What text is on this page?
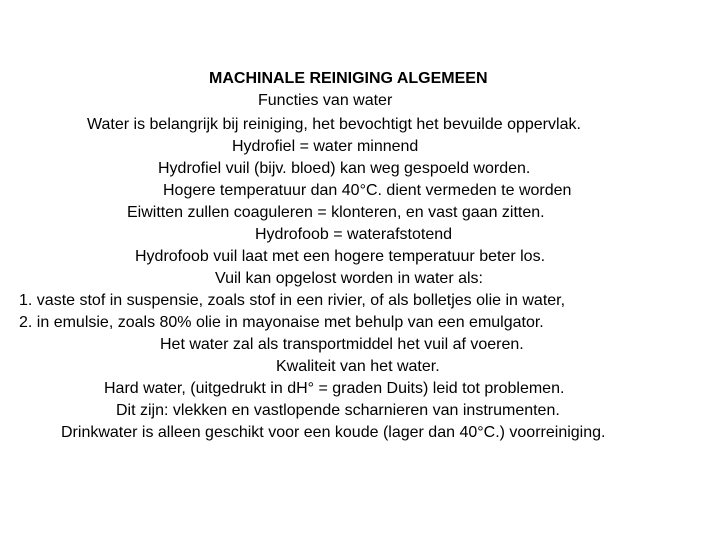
MACHINALE REINIGING ALGEMEEN
Functies van water
Water is belangrijk bij reiniging, het bevochtigt het bevuilde oppervlak.
Hydrofiel = water minnend
Hydrofiel vuil (bijv. bloed) kan weg gespoeld worden.
Hogere temperatuur dan 40°C. dient vermeden te worden
Eiwitten zullen coaguleren = klonteren, en vast gaan zitten.
Hydrofoob = waterafstotend
Hydrofoob vuil laat met een hogere temperatuur beter los.
Vuil kan opgelost worden in water als:
1. vaste stof in suspensie, zoals stof in een rivier, of als bolletjes olie in water,
2. in emulsie, zoals 80% olie in mayonaise met behulp van een emulgator.
Het water zal als transportmiddel het vuil af voeren.
Kwaliteit van het water.
Hard water, (uitgedrukt in dH° = graden Duits) leid tot problemen.
Dit zijn: vlekken en vastlopende scharnieren van instrumenten.
Drinkwater is alleen geschikt voor een koude (lager dan 40°C.) voorreiniging.
